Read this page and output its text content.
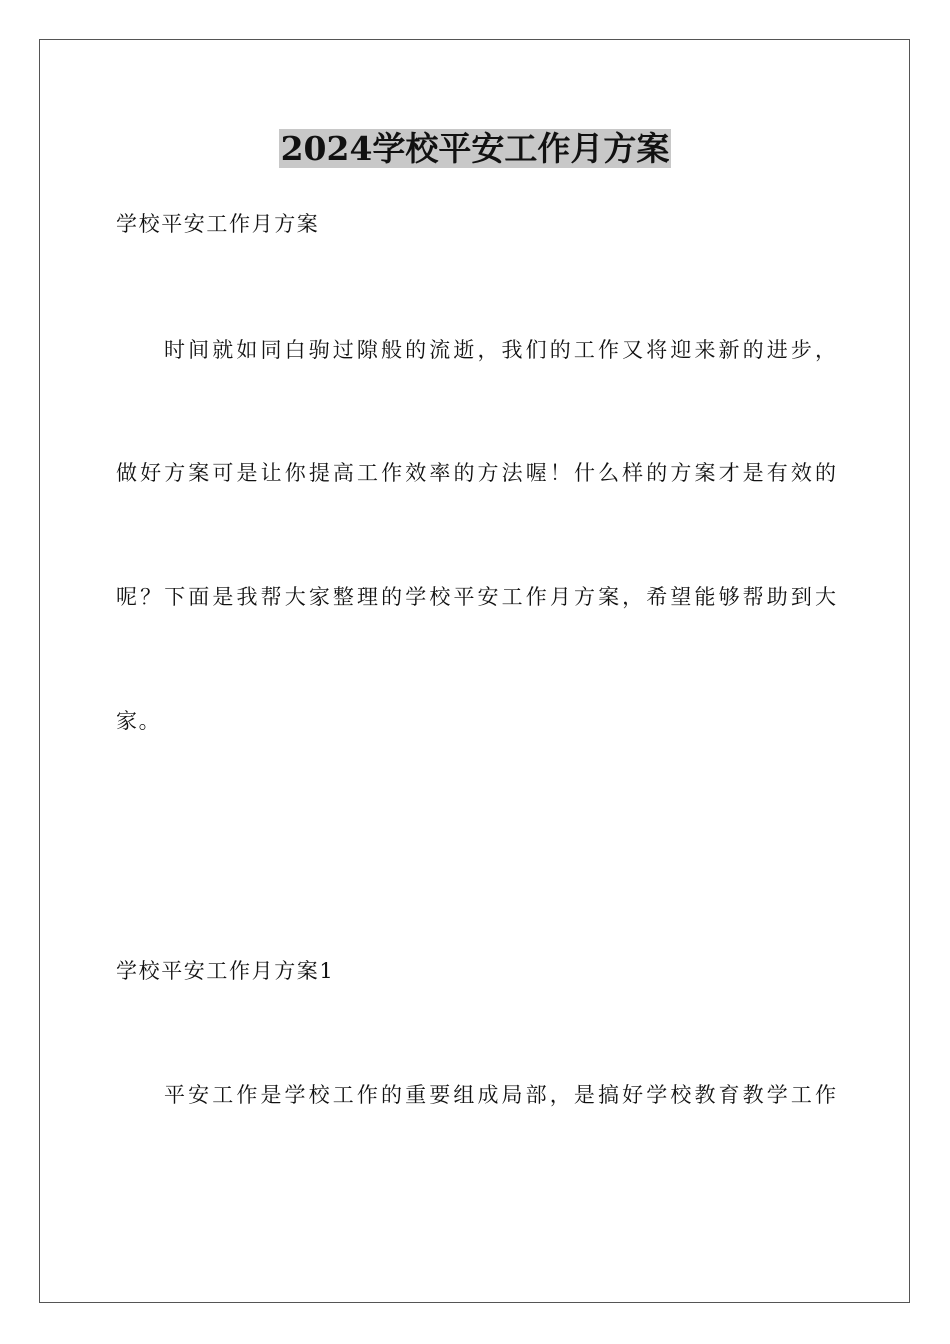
2024学校平安工作月方案
学校平安工作月方案
时间就如同白驹过隙般的流逝，我们的工作又将迎来新的进步，
做好方案可是让你提高工作效率的方法喔！什么样的方案才是有效的
呢？下面是我帮大家整理的学校平安工作月方案，希望能够帮助到大
家。
学校平安工作月方案1
平安工作是学校工作的重要组成局部，是搞好学校教育教学工作
